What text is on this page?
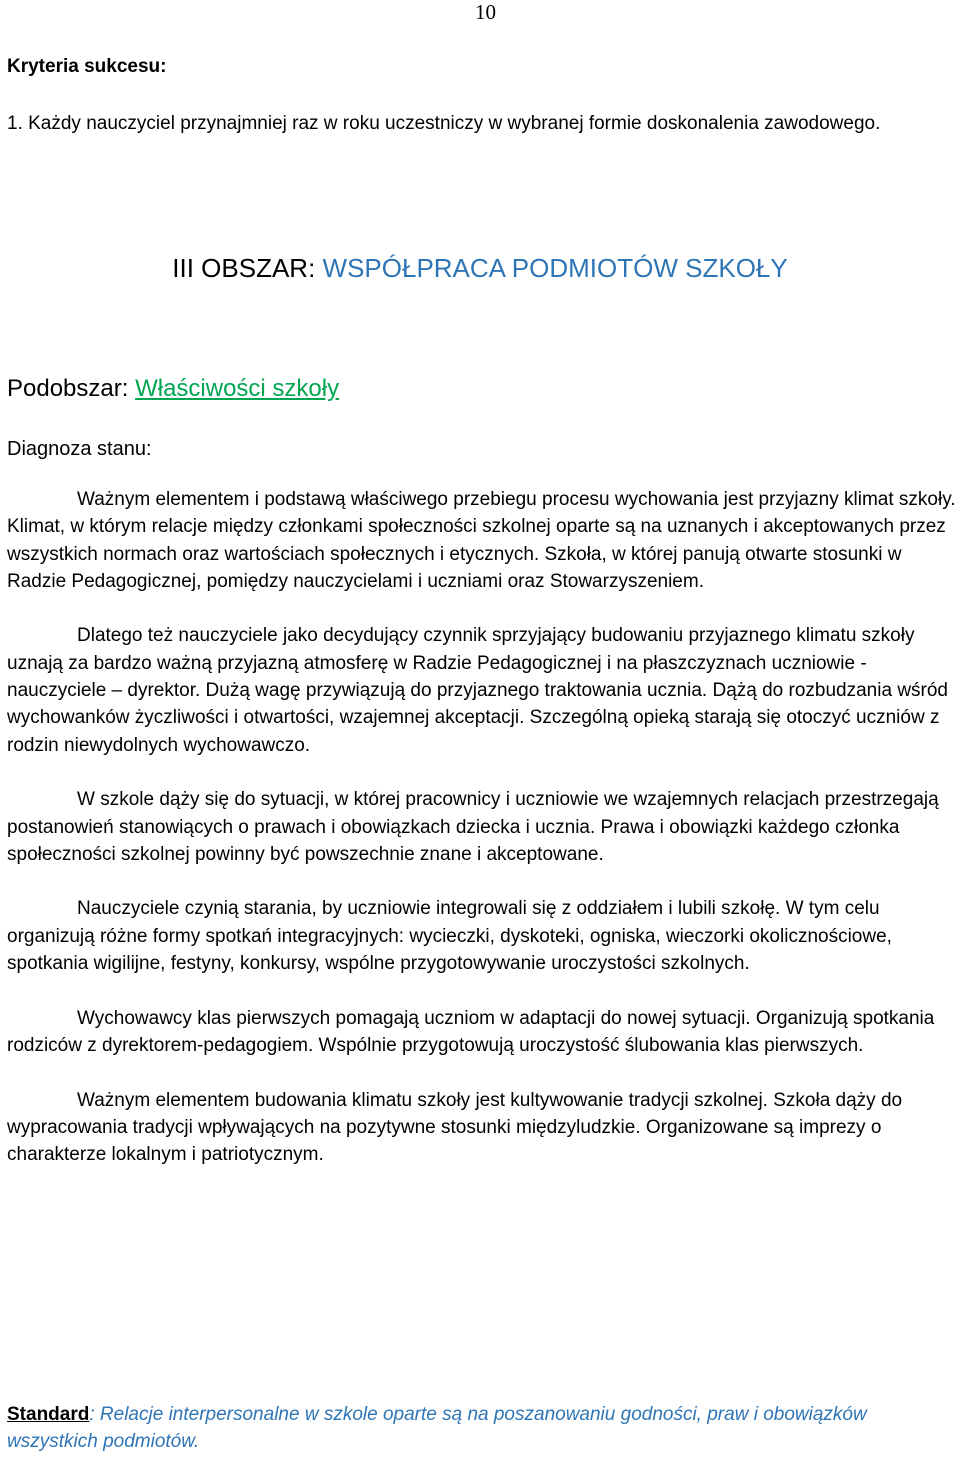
10
Kryteria sukcesu:

1. Każdy nauczyciel przynajmniej raz w roku uczestniczy w wybranej formie doskonalenia zawodowego.

III OBSZAR: WSPÓŁPRACA PODMIOTÓW SZKOŁY
Podobszar: Właściwości szkoły
Diagnoza stanu:

Ważnym elementem i podstawą właściwego przebiegu procesu wychowania jest przyjazny klimat szkoły. Klimat, w którym relacje między członkami społeczności szkolnej oparte są na uznanych i akceptowanych przez wszystkich normach oraz wartościach społecznych i etycznych. Szkoła, w której panują otwarte stosunki w Radzie Pedagogicznej, pomiędzy nauczycielami i uczniami oraz Stowarzyszeniem.

Dlatego też nauczyciele jako decydujący czynnik sprzyjający budowaniu przyjaznego klimatu szkoły uznają za bardzo ważną przyjazną atmosferę w Radzie Pedagogicznej i na płaszczyznach uczniowie - nauczyciele – dyrektor. Dużą wagę przywiązują do przyjaznego traktowania ucznia. Dążą do rozbudzania wśród wychowanków życzliwości i otwartości, wzajemnej akceptacji. Szczególną opieką starają się otoczyć uczniów z rodzin niewydolnych wychowawczo.

W szkole dąży się do sytuacji, w której pracownicy i uczniowie we wzajemnych relacjach przestrzegają postanowień stanowiących o prawach i obowiązkach dziecka i ucznia. Prawa i obowiązki każdego członka społeczności szkolnej powinny być powszechnie znane i akceptowane.

Nauczyciele czynią starania, by uczniowie integrowali się z oddziałem i lubili szkołę. W tym celu organizują różne formy spotkań integracyjnych: wycieczki, dyskoteki, ogniska, wieczorki okolicznościowe, spotkania wigilijne, festyny, konkursy, wspólne przygotowywanie uroczystości szkolnych.

Wychowawcy klas pierwszych pomagają uczniom w adaptacji do nowej sytuacji. Organizują spotkania rodziców z dyrektorem-pedagogiem. Wspólnie przygotowują uroczystość ślubowania klas pierwszych.

Ważnym elementem budowania klimatu szkoły jest kultywowanie tradycji szkolnej. Szkoła dąży do wypracowania tradycji wpływających na pozytywne stosunki międzyludzkie. Organizowane są imprezy o charakterze lokalnym i patriotycznym.

Standard: Relacje interpersonalne w szkole oparte są na poszanowaniu godności, praw i obowiązków wszystkich podmiotów.
